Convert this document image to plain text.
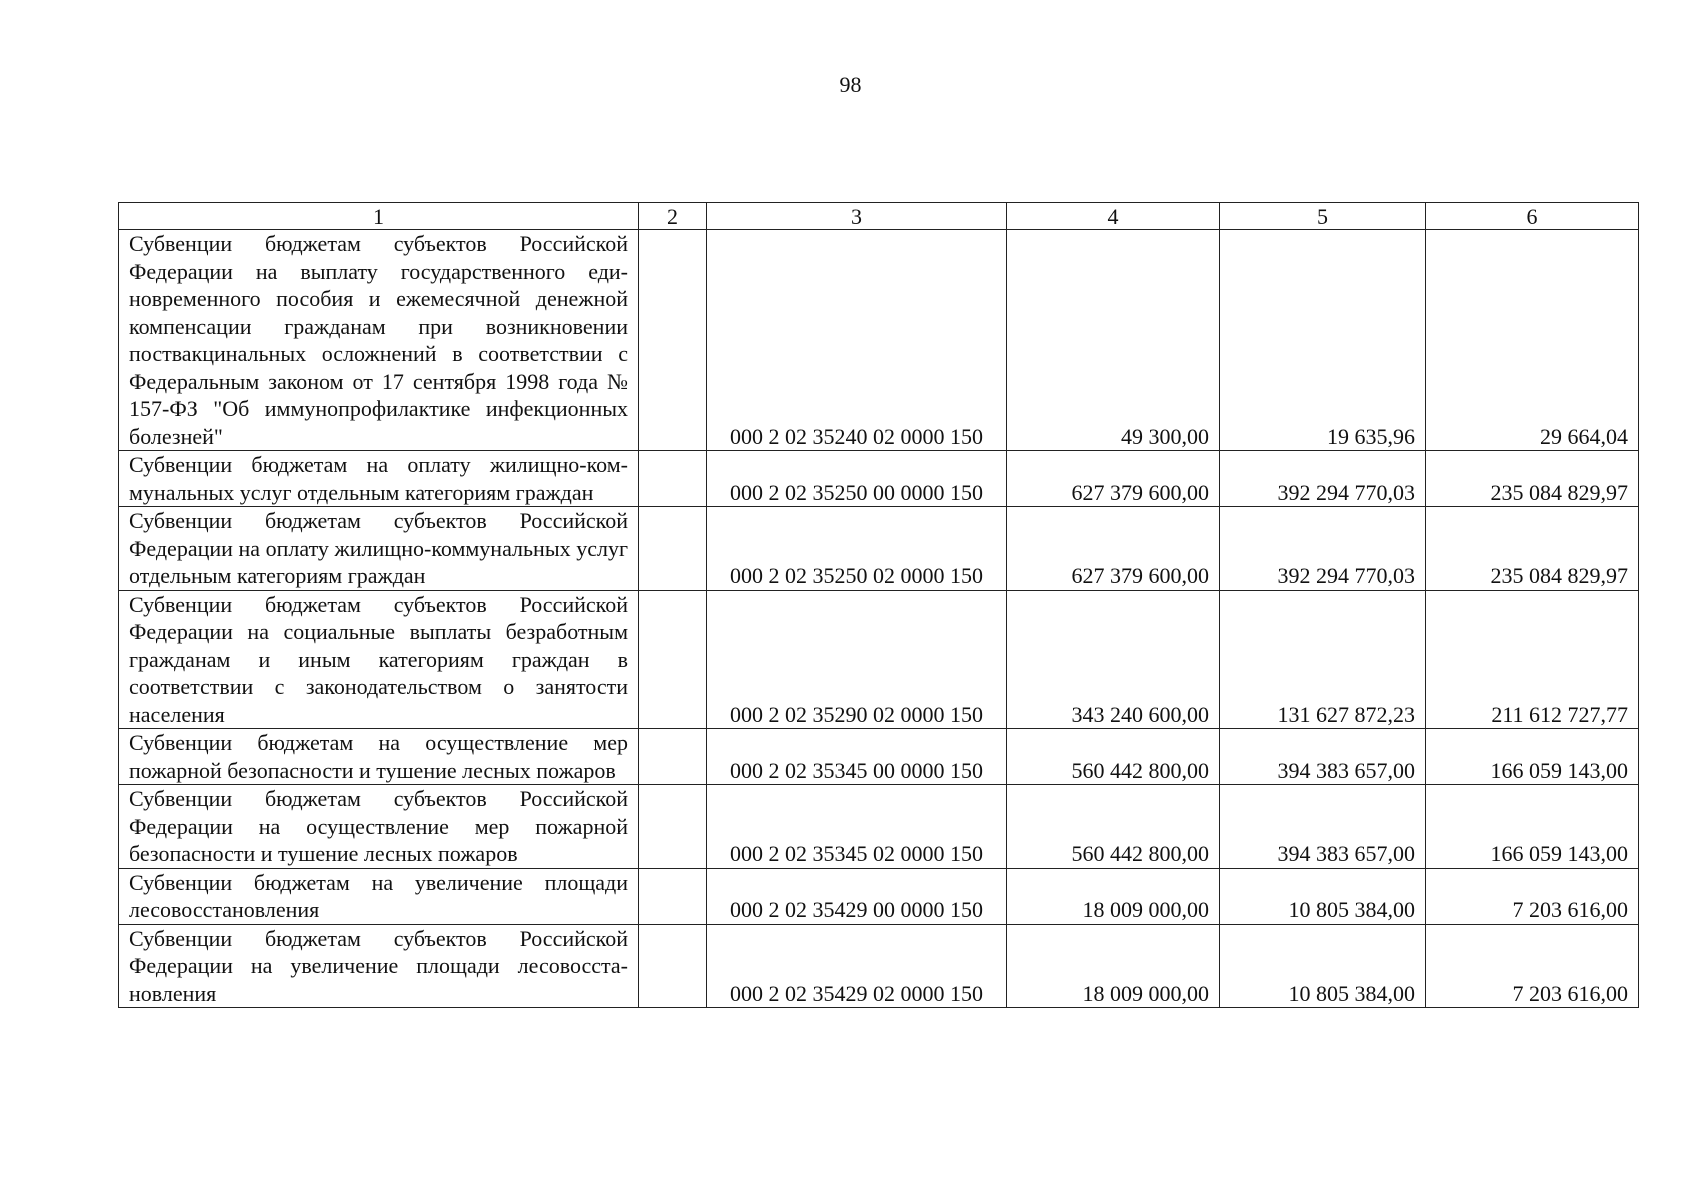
98
1	2	3	4	5	6
Субвенции бюджетам субъектов Российской Федерации на выплату государственного единовременного пособия и ежемесячной денежной компенсации гражданам при возникновении поствакцинальных осложнений в соответствии с Федеральным законом от 17 сентября 1998 года № 157-ФЗ "Об иммунопрофилактике инфекционных болезней"		000 2 02 35240 02 0000 150	49 300,00	19 635,96	29 664,04
Субвенции бюджетам на оплату жилищно-коммунальных услуг отдельным категориям граждан		000 2 02 35250 00 0000 150	627 379 600,00	392 294 770,03	235 084 829,97
Субвенции бюджетам субъектов Российской Федерации на оплату жилищно-коммунальных услуг отдельным категориям граждан		000 2 02 35250 02 0000 150	627 379 600,00	392 294 770,03	235 084 829,97
Субвенции бюджетам субъектов Российской Федерации на социальные выплаты безработным гражданам и иным категориям граждан в соответствии с законодательством о занятости населения		000 2 02 35290 02 0000 150	343 240 600,00	131 627 872,23	211 612 727,77
Субвенции бюджетам на осуществление мер пожарной безопасности и тушение лесных пожаров		000 2 02 35345 00 0000 150	560 442 800,00	394 383 657,00	166 059 143,00
Субвенции бюджетам субъектов Российской Федерации на осуществление мер пожарной безопасности и тушение лесных пожаров		000 2 02 35345 02 0000 150	560 442 800,00	394 383 657,00	166 059 143,00
Субвенции бюджетам на увеличение площади лесовосстановления		000 2 02 35429 00 0000 150	18 009 000,00	10 805 384,00	7 203 616,00
Субвенции бюджетам субъектов Российской Федерации на увеличение площади лесовосстановления		000 2 02 35429 02 0000 150	18 009 000,00	10 805 384,00	7 203 616,00
